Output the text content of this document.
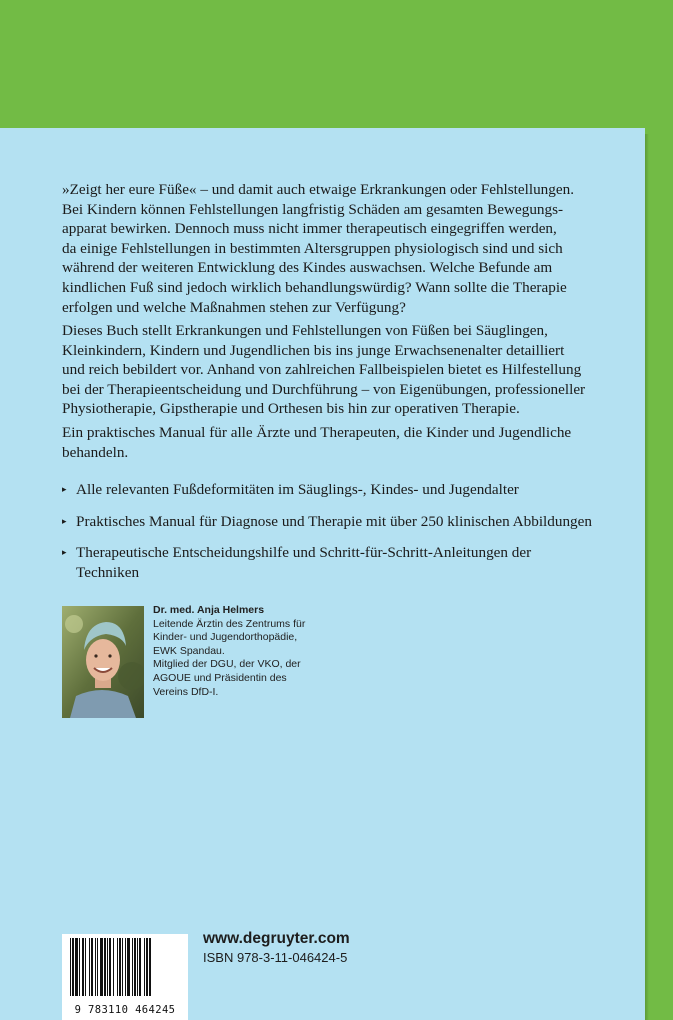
»Zeigt her eure Füße« – und damit auch etwaige Erkrankungen oder Fehlstellungen.
Bei Kindern können Fehlstellungen langfristig Schäden am gesamten Bewegungs-
apparat bewirken. Dennoch muss nicht immer therapeutisch eingegriffen werden,
da einige Fehlstellungen in bestimmten Altersgruppen physiologisch sind und sich
während der weiteren Entwicklung des Kindes auswachsen. Welche Befunde am
kindlichen Fuß sind jedoch wirklich behandlungswürdig? Wann sollte die Therapie
erfolgen und welche Maßnahmen stehen zur Verfügung?
Dieses Buch stellt Erkrankungen und Fehlstellungen von Füßen bei Säuglingen,
Kleinkindern, Kindern und Jugendlichen bis ins junge Erwachsenenalter detailliert
und reich bebildert vor. Anhand von zahlreichen Fallbeispielen bietet es Hilfestellung
bei der Therapieentscheidung und Durchführung – von Eigenübungen, professioneller
Physiotherapie, Gipstherapie und Orthesen bis hin zur operativen Therapie.
Ein praktisches Manual für alle Ärzte und Therapeuten, die Kinder und Jugendliche
behandeln.
▸ Alle relevanten Fußdeformitäten im Säuglings-, Kindes- und Jugendalter
▸ Praktisches Manual für Diagnose und Therapie mit über 250 klinischen Abbildungen
▸ Therapeutische Entscheidungshilfe und Schritt-für-Schritt-Anleitungen der
Techniken
Dr. med. Anja Helmers
Leitende Ärztin des Zentrums für
Kinder- und Jugendorthopädie,
EWK Spandau.
Mitglied der DGU, der VKO, der
AGOUE und Präsidentin des
Vereins DfD-I.
9 783110 464245
www.degruyter.com
ISBN 978-3-11-046424-5
